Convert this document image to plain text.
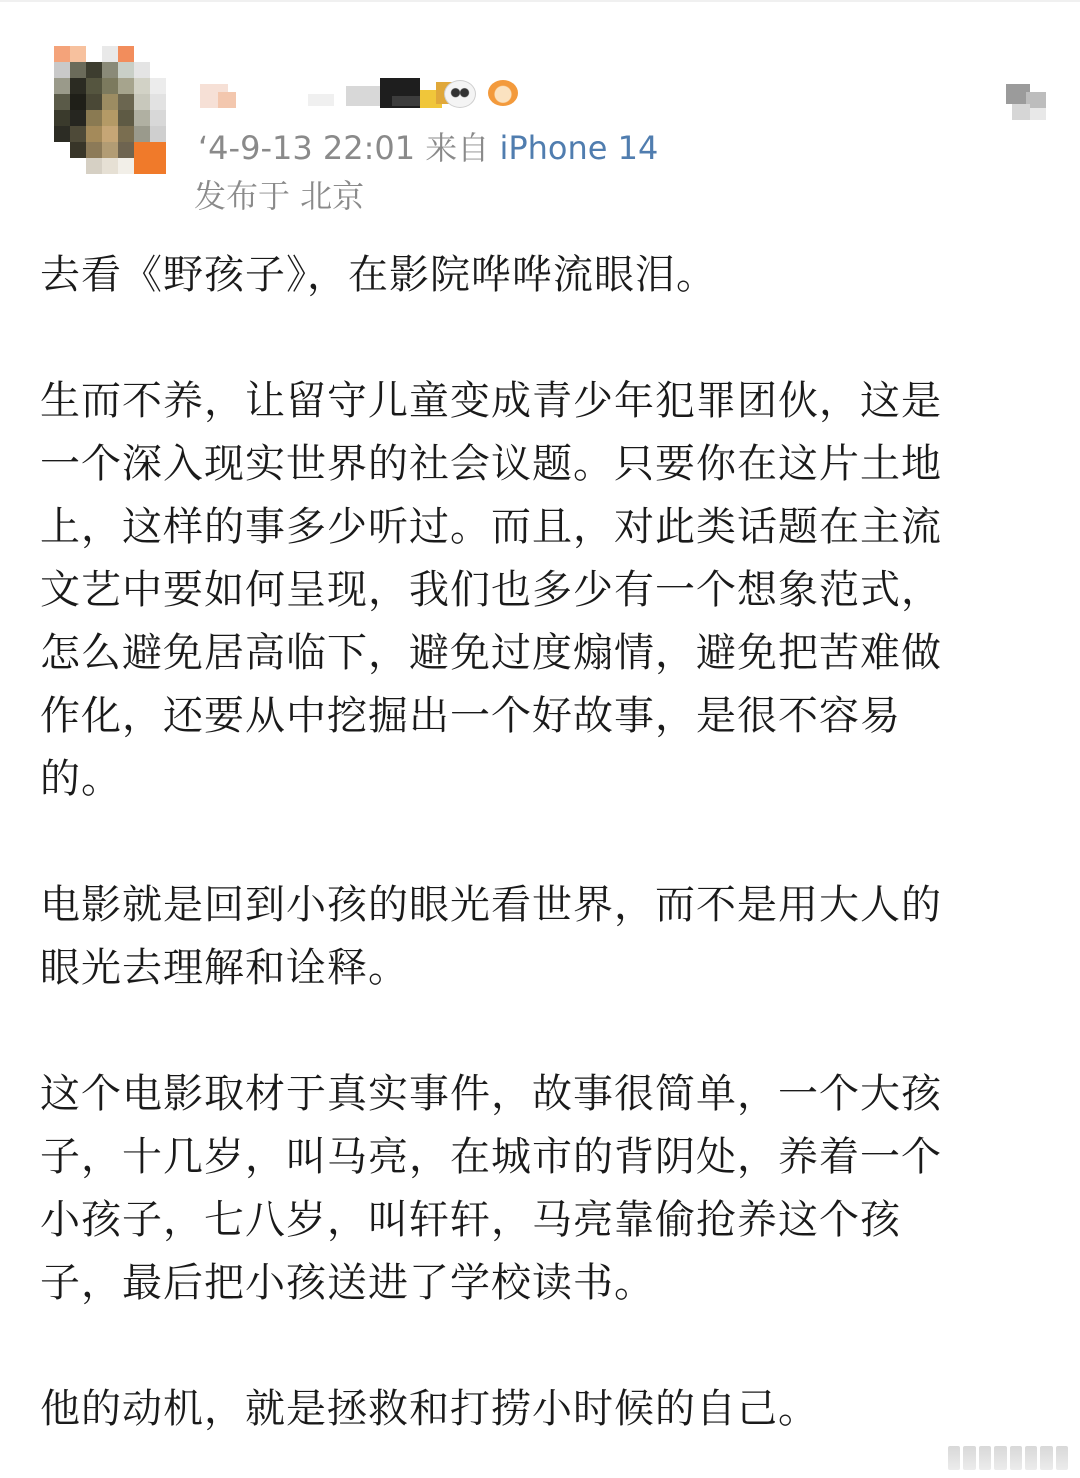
‘4-9-13 22:01 来自 iPhone 14
发布于 北京

去看《野孩子》，在影院哗哗流眼泪。

生而不养，让留守儿童变成青少年犯罪团伙，这是
一个深入现实世界的社会议题。只要你在这片土地
上，这样的事多少听过。而且，对此类话题在主流
文艺中要如何呈现，我们也多少有一个想象范式，
怎么避免居高临下，避免过度煽情，避免把苦难做
作化，还要从中挖掘出一个好故事，是很不容易
的。

电影就是回到小孩的眼光看世界，而不是用大人的
眼光去理解和诠释。

这个电影取材于真实事件，故事很简单，一个大孩
子，十几岁，叫马亮，在城市的背阴处，养着一个
小孩子，七八岁，叫轩轩，马亮靠偷抢养这个孩
子，最后把小孩送进了学校读书。

他的动机，就是拯救和打捞小时候的自己。
